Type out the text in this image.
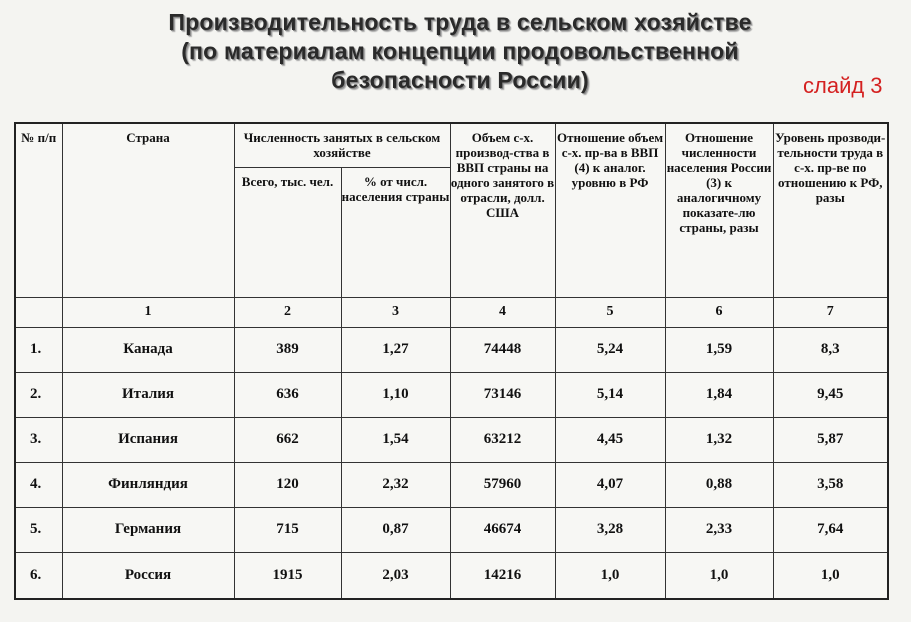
Производительность труда в сельском хозяйстве
(по материалам концепции продовольственной
безопасности России)	слайд 3
№ п/п	Страна	Численность занятых в сельском хозяйстве		Объем с-х. производ-ства в ВВП страны на одного занятого в отрасли, долл. США	Отношение объем с-х. пр-ва в ВВП (4) к аналог. уровню в РФ	Отношение численности населения России (3) к аналогичному показате-лю страны, разы	Уровень прозводи-тельности труда в с-х. пр-ве по отношению к РФ, разы
		Всего, тыс. чел.	% от числ. населения страны				
	1	2	3	4	5	6	7
1.	Канада	389	1,27	74448	5,24	1,59	8,3
2.	Италия	636	1,10	73146	5,14	1,84	9,45
3.	Испания	662	1,54	63212	4,45	1,32	5,87
4.	Финляндия	120	2,32	57960	4,07	0,88	3,58
5.	Германия	715	0,87	46674	3,28	2,33	7,64
6.	Россия	1915	2,03	14216	1,0	1,0	1,0
